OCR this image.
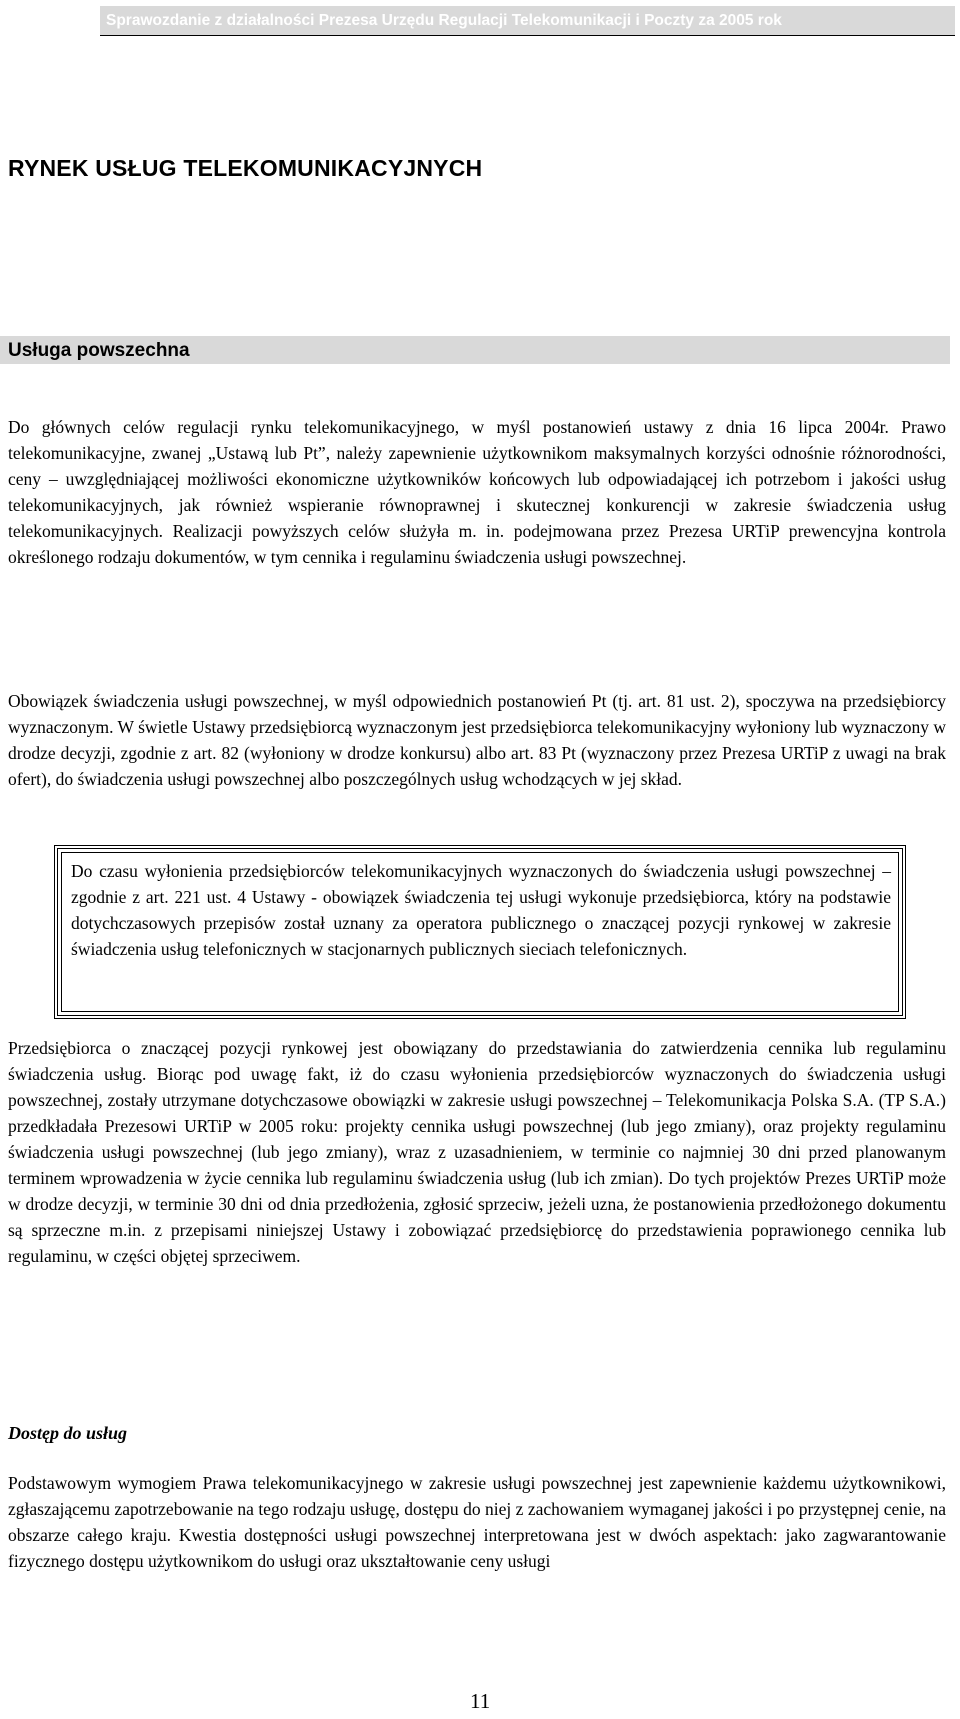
Sprawozdanie z działalności Prezesa Urzędu Regulacji Telekomunikacji i Poczty za 2005 rok
RYNEK USŁUG TELEKOMUNIKACYJNYCH
Usługa powszechna

Do głównych celów regulacji rynku telekomunikacyjnego, w myśl postanowień ustawy z dnia 16 lipca 2004r. Prawo telekomunikacyjne, zwanej „Ustawą lub Pt”, należy zapewnienie użytkownikom maksymalnych korzyści odnośnie różnorodności, ceny – uwzględniającej możliwości ekonomiczne użytkowników końcowych lub odpowiadającej ich potrzebom i jakości usług telekomunikacyjnych, jak również wspieranie równoprawnej i skutecznej konkurencji w zakresie świadczenia usług telekomunikacyjnych. Realizacji powyższych celów służyła m. in. podejmowana przez Prezesa URTiP prewencyjna kontrola określonego rodzaju dokumentów, w tym cennika i regulaminu świadczenia usługi powszechnej.

Obowiązek świadczenia usługi powszechnej, w myśl odpowiednich postanowień Pt (tj. art. 81 ust. 2), spoczywa na przedsiębiorcy wyznaczonym. W świetle Ustawy przedsiębiorcą wyznaczonym jest przedsiębiorca telekomunikacyjny wyłoniony lub wyznaczony w drodze decyzji, zgodnie z art. 82 (wyłoniony w drodze konkursu) albo art. 83 Pt (wyznaczony przez Prezesa URTiP z uwagi na brak ofert), do świadczenia usługi powszechnej albo poszczególnych usług wchodzących w jej skład.

Do czasu wyłonienia przedsiębiorców telekomunikacyjnych wyznaczonych do świadczenia usługi powszechnej – zgodnie z art. 221 ust. 4 Ustawy - obowiązek świadczenia tej usługi wykonuje przedsiębiorca, który na podstawie dotychczasowych przepisów został uznany za operatora publicznego o znaczącej pozycji rynkowej w zakresie świadczenia usług telefonicznych w stacjonarnych publicznych sieciach telefonicznych.

Przedsiębiorca o znaczącej pozycji rynkowej jest obowiązany do przedstawiania do zatwierdzenia cennika lub regulaminu świadczenia usług. Biorąc pod uwagę fakt, iż do czasu wyłonienia przedsiębiorców wyznaczonych do świadczenia usługi powszechnej, zostały utrzymane dotychczasowe obowiązki w zakresie usługi powszechnej – Telekomunikacja Polska S.A. (TP S.A.) przedkładała Prezesowi URTiP w 2005 roku: projekty cennika usługi powszechnej (lub jego zmiany), oraz projekty regulaminu świadczenia usługi powszechnej (lub jego zmiany), wraz z uzasadnieniem, w terminie co najmniej 30 dni przed planowanym terminem wprowadzenia w życie cennika lub regulaminu świadczenia usług (lub ich zmian). Do tych projektów Prezes URTiP może w drodze decyzji, w terminie 30 dni od dnia przedłożenia, zgłosić sprzeciw, jeżeli uzna, że postanowienia przedłożonego dokumentu są sprzeczne m.in. z przepisami niniejszej Ustawy i zobowiązać przedsiębiorcę do przedstawienia poprawionego cennika lub regulaminu, w części objętej sprzeciwem.

Dostęp do usług

Podstawowym wymogiem Prawa telekomunikacyjnego w zakresie usługi powszechnej jest zapewnienie każdemu użytkownikowi, zgłaszającemu zapotrzebowanie na tego rodzaju usługę, dostępu do niej z zachowaniem wymaganej jakości i po przystępnej cenie, na obszarze całego kraju. Kwestia dostępności usługi powszechnej interpretowana jest w dwóch aspektach: jako zagwarantowanie fizycznego dostępu użytkownikom do usługi oraz ukształtowanie ceny usługi

11
